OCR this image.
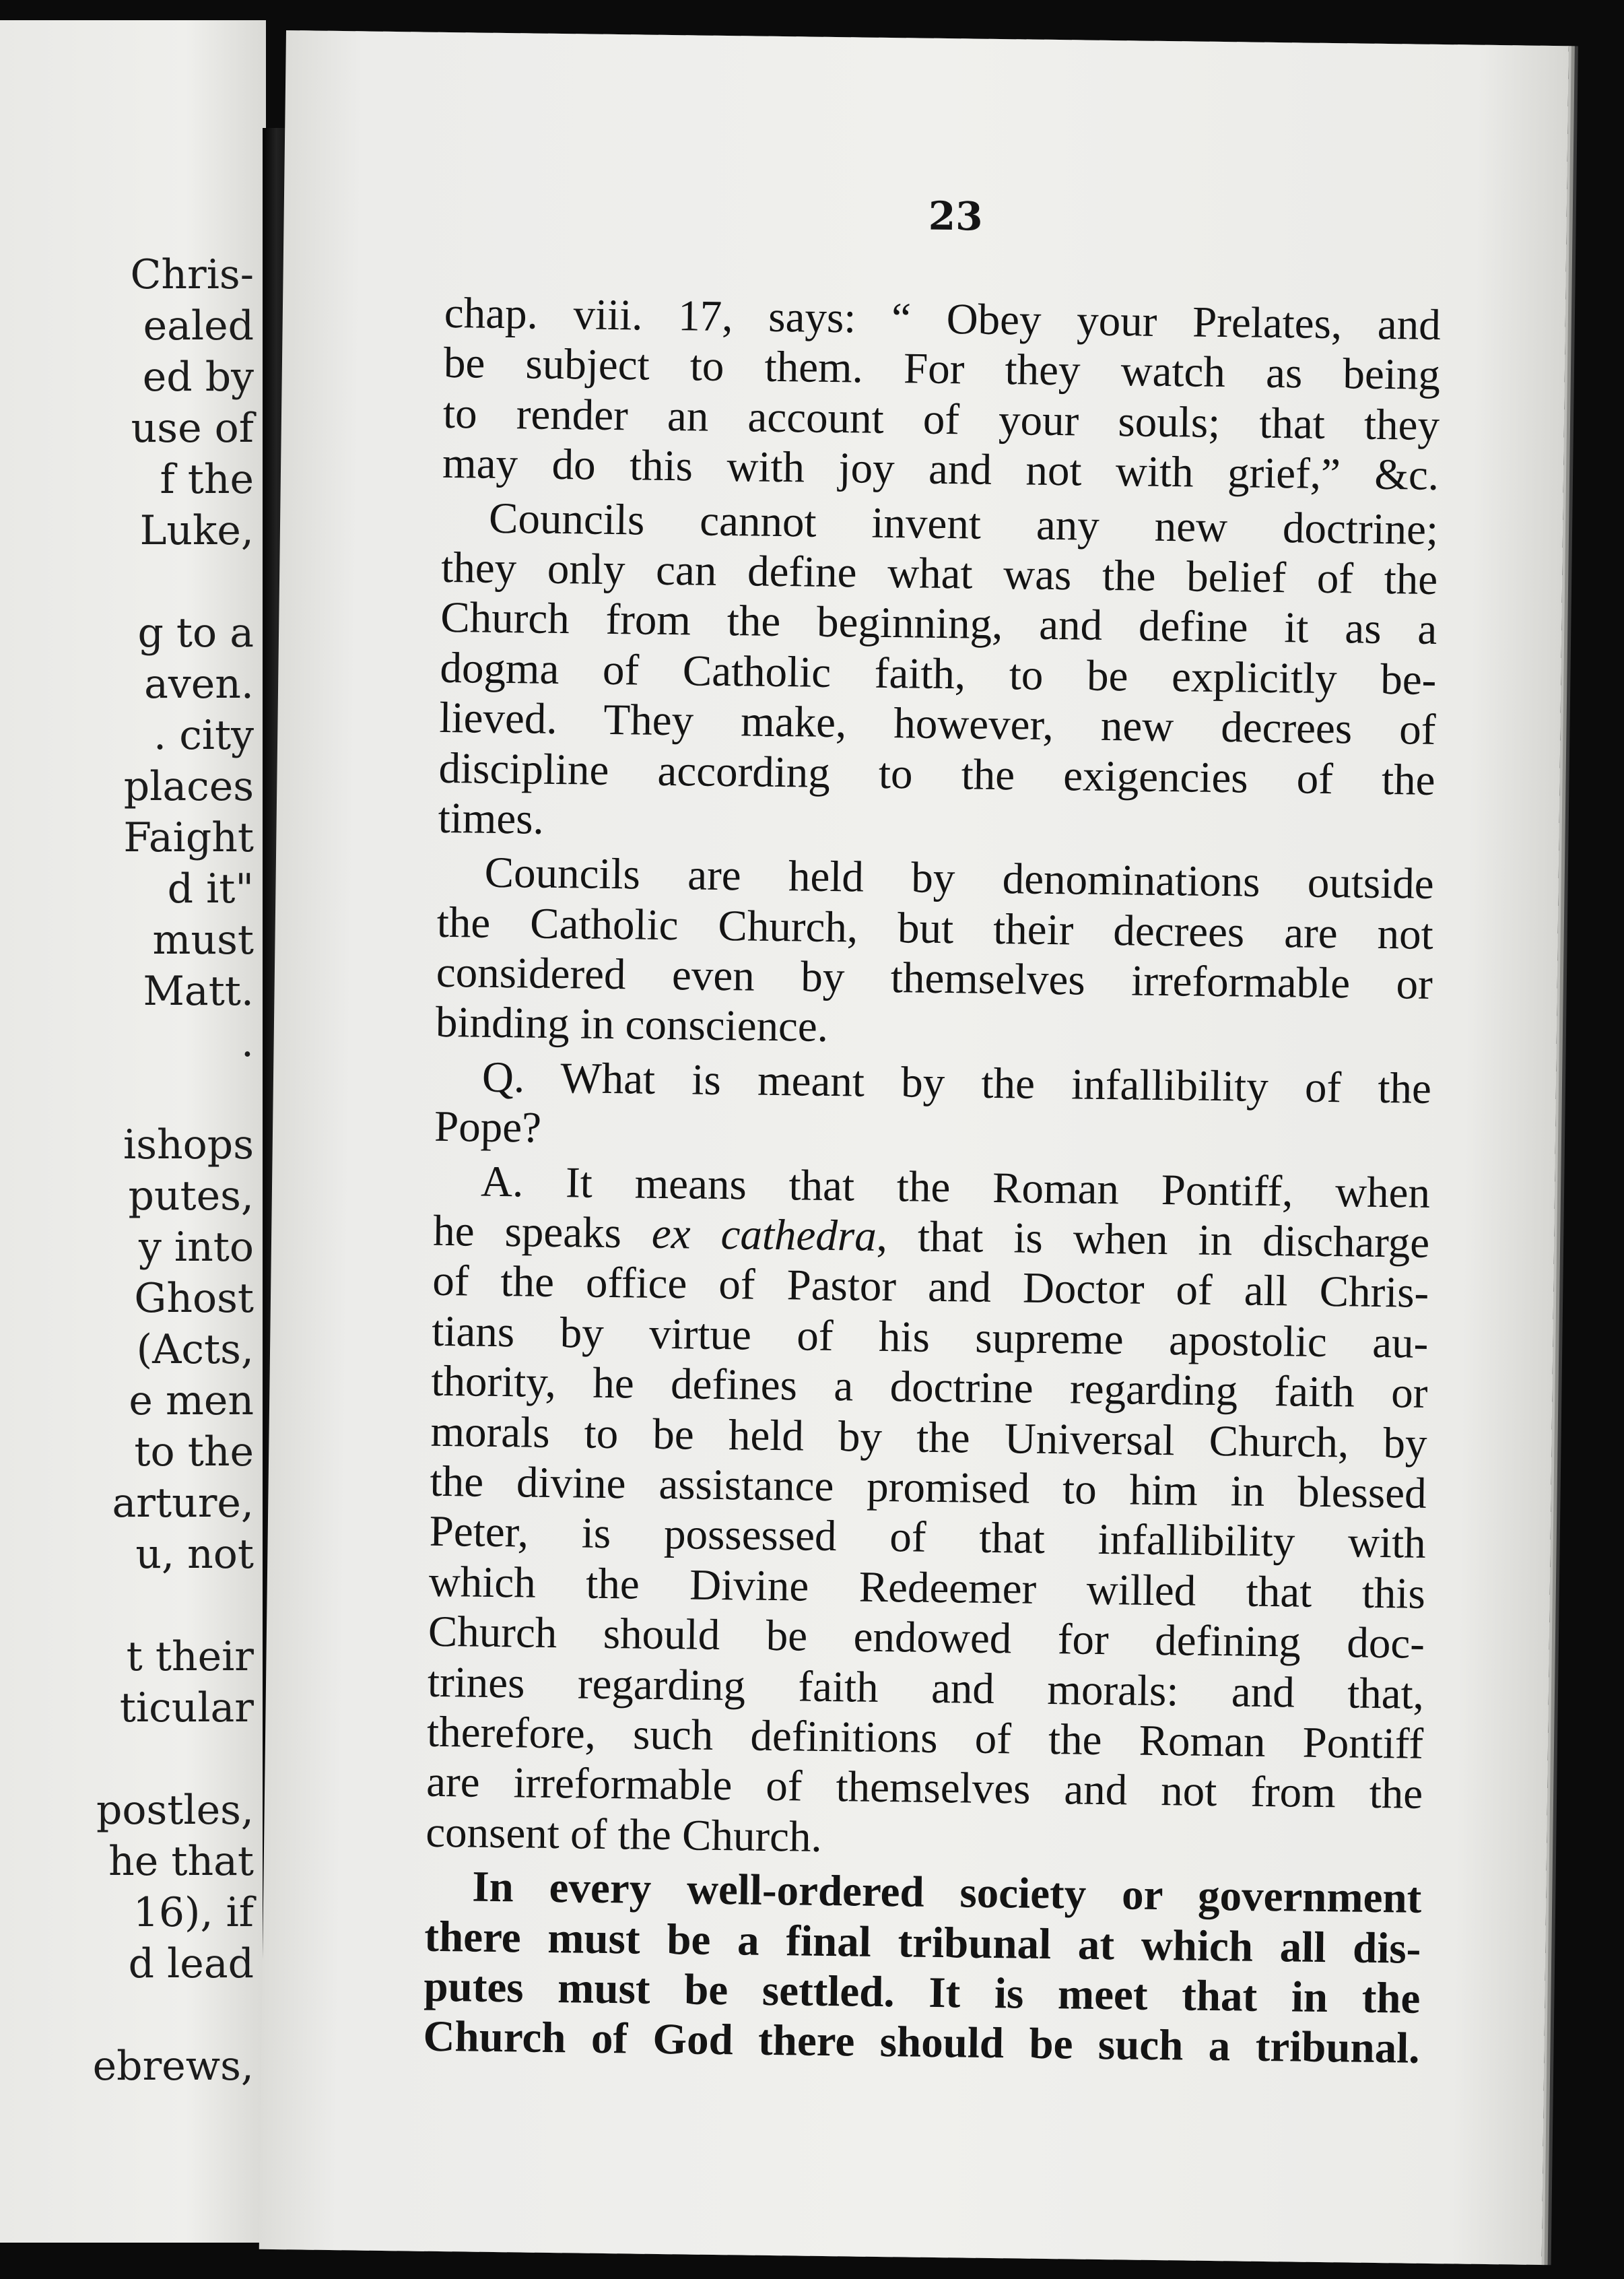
Chris-
ealed
ed by
use of
f the
Luke,
g to a
aven.
. city
places
Faight
d it"
must
Matt.
.
ishops
putes,
y into
Ghost
(Acts,
e men
to the
arture,
u, not
t their
ticular
postles,
he that
16), if
d lead
ebrews,
23
chap. viii. 17, says: “ Obey your Prelates, and
be subject to them. For they watch as being
to render an account of your souls; that they
may do this with joy and not with grief,” &c.
Councils cannot invent any new doctrine;
they only can define what was the belief of the
Church from the beginning, and define it as a
dogma of Catholic faith, to be explicitly be-
lieved. They make, however, new decrees of
discipline according to the exigencies of the
times.
Councils are held by denominations outside
the Catholic Church, but their decrees are not
considered even by themselves irreformable or
binding in conscience.
Q. What is meant by the infallibility of the
Pope?
A. It means that the Roman Pontiff, when
he speaks ex cathedra, that is when in discharge
of the office of Pastor and Doctor of all Chris-
tians by virtue of his supreme apostolic au-
thority, he defines a doctrine regarding faith or
morals to be held by the Universal Church, by
the divine assistance promised to him in blessed
Peter, is possessed of that infallibility with
which the Divine Redeemer willed that this
Church should be endowed for defining doc-
trines regarding faith and morals: and that,
therefore, such definitions of the Roman Pontiff
are irreformable of themselves and not from the
consent of the Church.
In every well-ordered society or government
there must be a final tribunal at which all dis-
putes must be settled. It is meet that in the
Church of God there should be such a tribunal.
